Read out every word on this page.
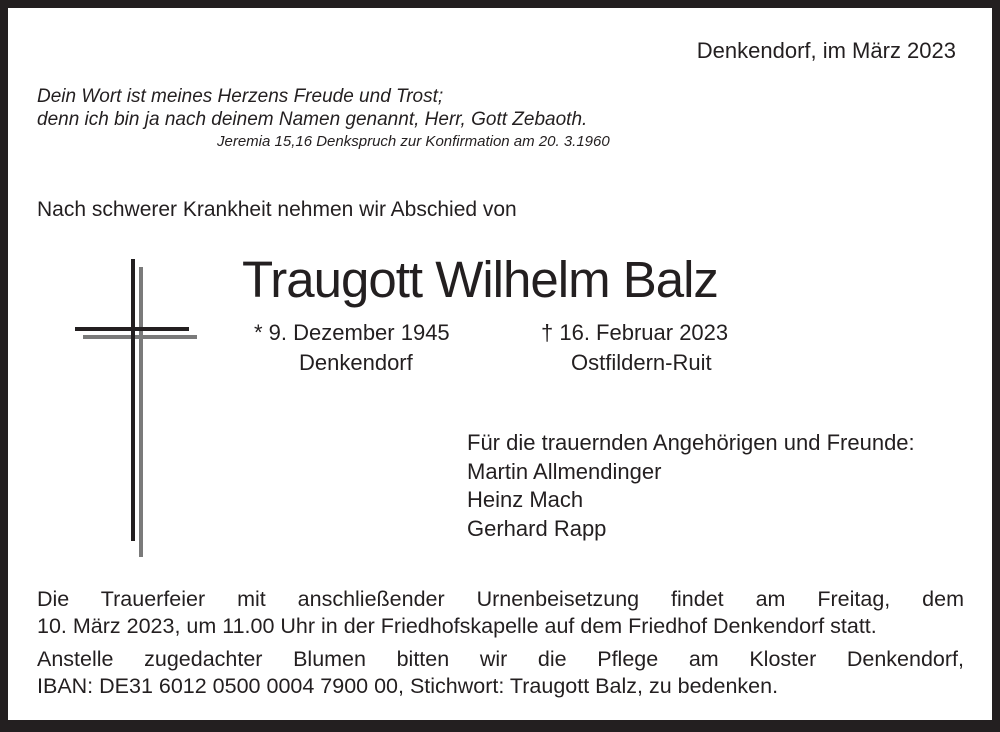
Denkendorf, im März 2023
Dein Wort ist meines Herzens Freude und Trost;
denn ich bin ja nach deinem Namen genannt, Herr, Gott Zebaoth.
Jeremia 15,16 Denkspruch zur Konfirmation am 20. 3.1960
Nach schwerer Krankheit nehmen wir Abschied von
Traugott Wilhelm Balz
* 9. Dezember 1945
Denkendorf
† 16. Februar 2023
Ostfildern-Ruit
Für die trauernden Angehörigen und Freunde:
Martin Allmendinger
Heinz Mach
Gerhard Rapp
Die Trauerfeier mit anschließender Urnenbeisetzung findet am Freitag, dem
10. März 2023, um 11.00 Uhr in der Friedhofskapelle auf dem Friedhof Denkendorf statt.
Anstelle zugedachter Blumen bitten wir die Pflege am Kloster Denkendorf,
IBAN: DE31 6012 0500 0004 7900 00, Stichwort: Traugott Balz, zu bedenken.
